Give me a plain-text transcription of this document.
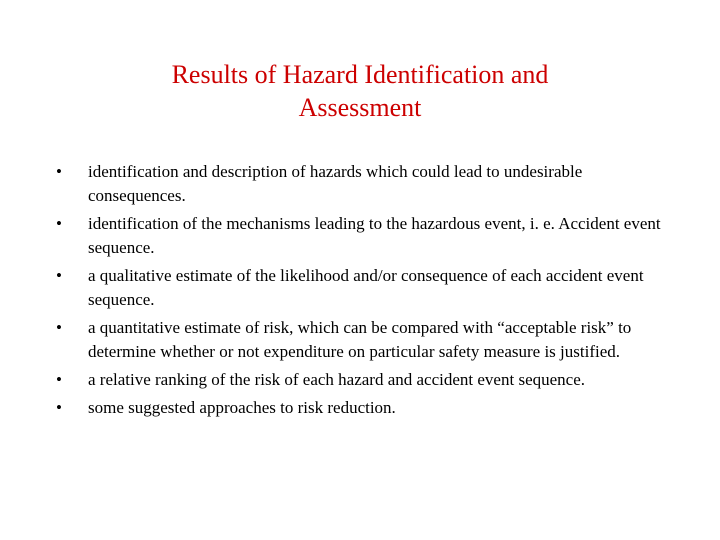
Results of Hazard Identification and
Assessment
•	identification and description of hazards which could lead to undesirable consequences.
•	identification of the mechanisms leading to the hazardous event, i. e. Accident event sequence.
•	a qualitative estimate of the likelihood and/or consequence of each accident event sequence.
•	a quantitative estimate of risk, which can be compared with “acceptable risk” to determine whether or not expenditure on particular safety measure is justified.
•	a relative ranking of the risk of each hazard and accident event sequence.
•	some suggested approaches to risk reduction.
